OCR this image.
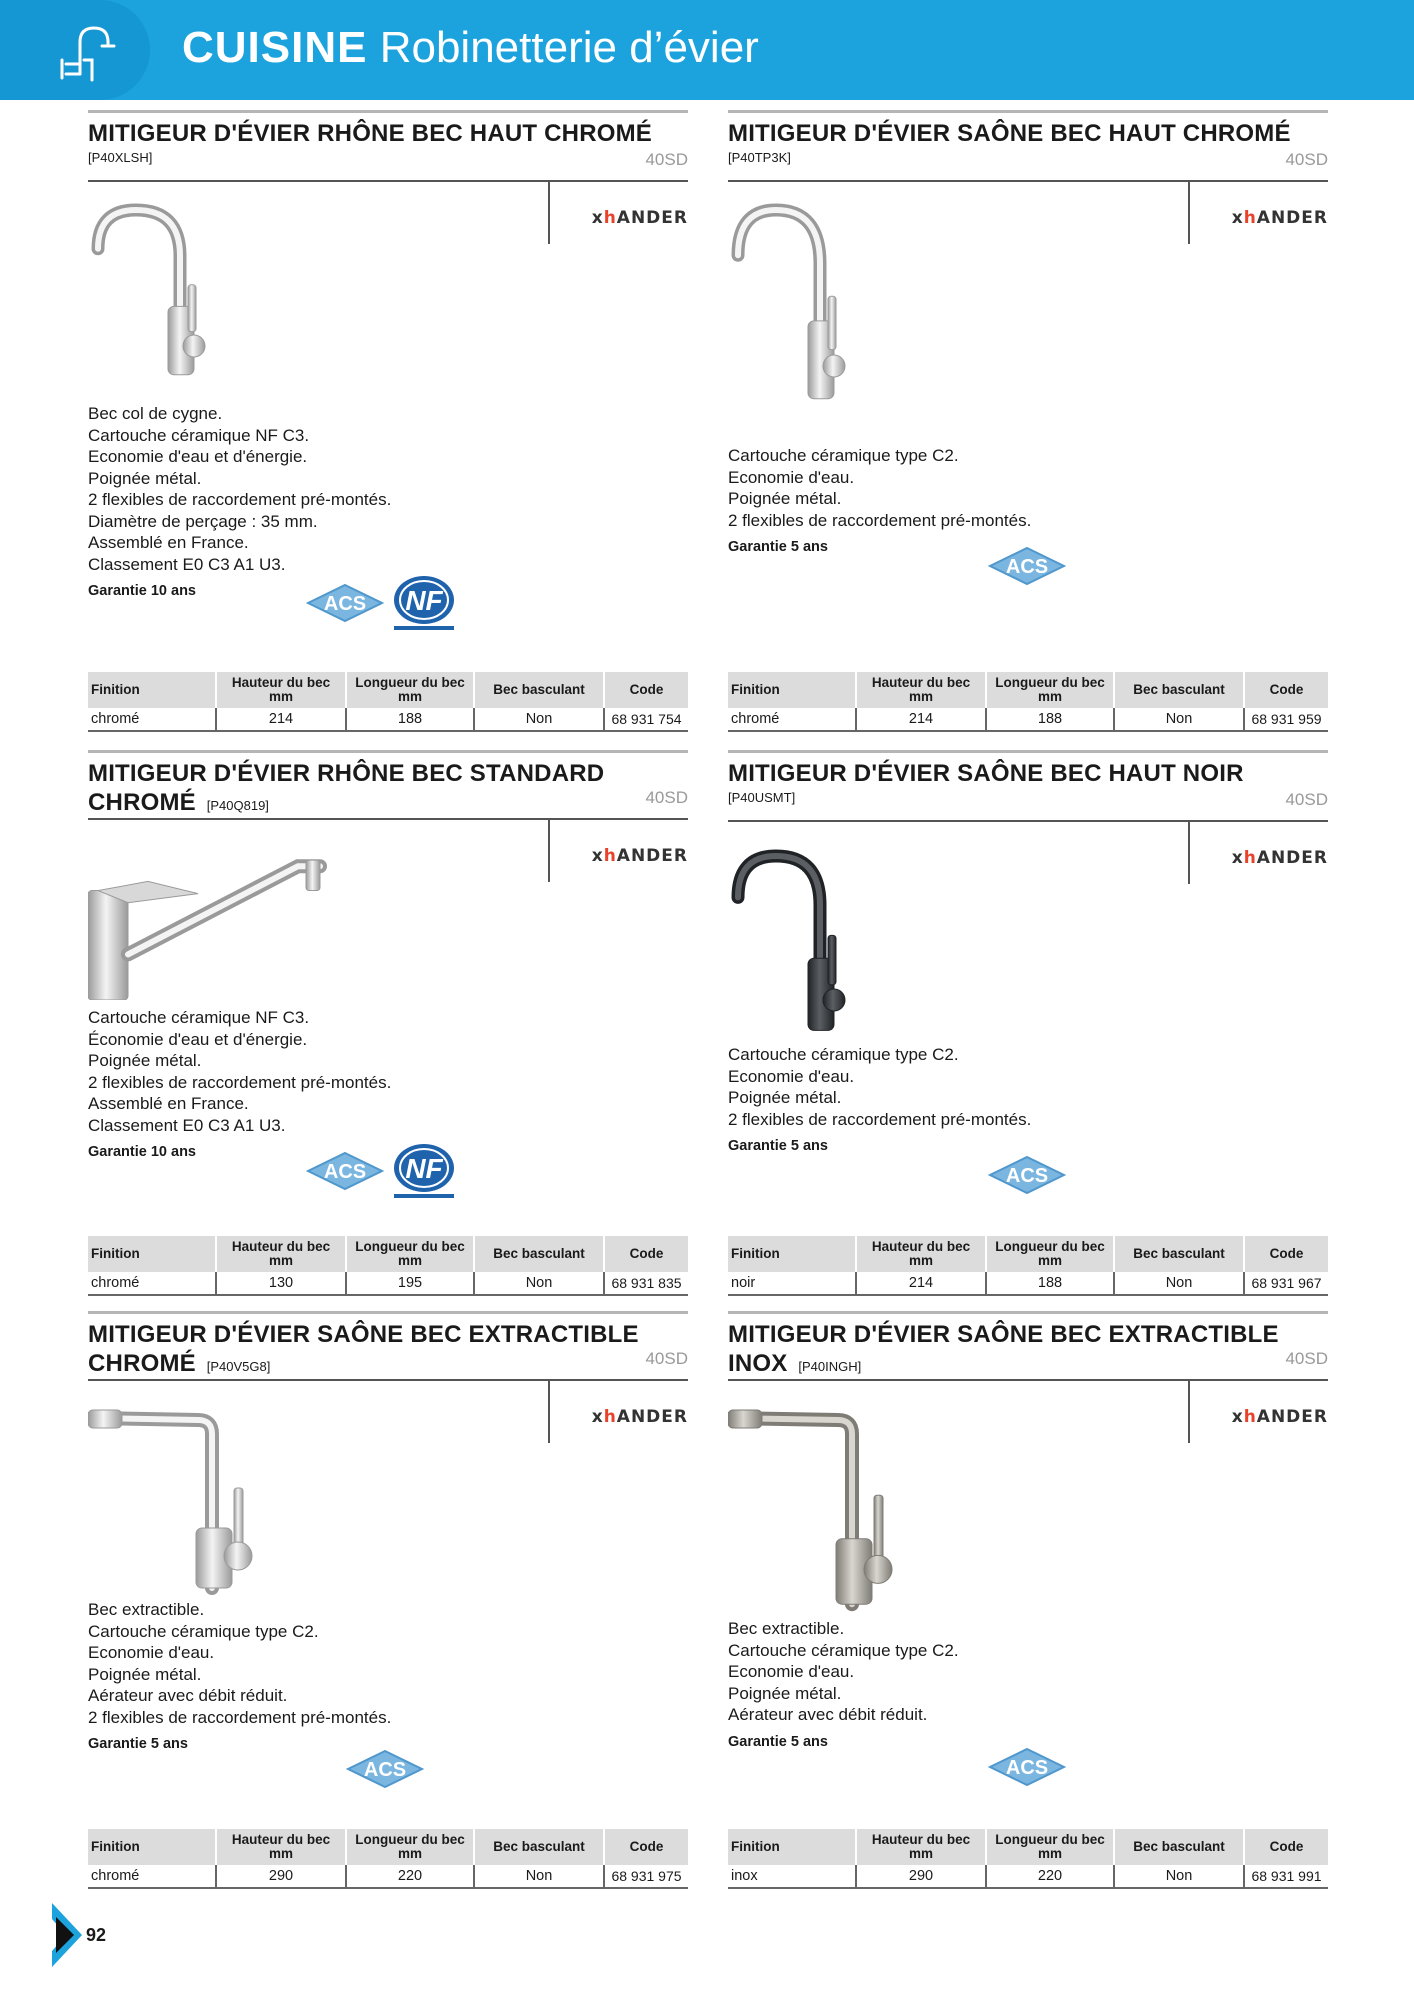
CUISINE Robinetterie d’évier
MITIGEUR D'ÉVIER RHÔNE BEC HAUT CHROMÉ
[P40XLSH]	40SD
xhANDER
Bec col de cygne.
Cartouche céramique NF C3.
Economie d'eau et d'énergie.
Poignée métal.
2 flexibles de raccordement pré-montés.
Diamètre de perçage : 35 mm.
Assemblé en France.
Classement E0 C3 A1 U3.
Garantie 10 ans
ACS NF
Finition	Hauteur du bec mm	Longueur du bec mm	Bec basculant	Code
chromé	214	188	Non	68 931 754
MITIGEUR D'ÉVIER SAÔNE BEC HAUT CHROMÉ
[P40TP3K]	40SD
xhANDER
Cartouche céramique type C2.
Economie d'eau.
Poignée métal.
2 flexibles de raccordement pré-montés.
Garantie 5 ans
ACS
Finition	Hauteur du bec mm	Longueur du bec mm	Bec basculant	Code
chromé	214	188	Non	68 931 959
MITIGEUR D'ÉVIER RHÔNE BEC STANDARD CHROMÉ [P40Q819]	40SD
xhANDER
Cartouche céramique NF C3.
Économie d'eau et d'énergie.
Poignée métal.
2 flexibles de raccordement pré-montés.
Assemblé en France.
Classement E0 C3 A1 U3.
Garantie 10 ans
ACS NF
Finition	Hauteur du bec mm	Longueur du bec mm	Bec basculant	Code
chromé	130	195	Non	68 931 835
MITIGEUR D'ÉVIER SAÔNE BEC HAUT NOIR
[P40USMT]	40SD
xhANDER
Cartouche céramique type C2.
Economie d'eau.
Poignée métal.
2 flexibles de raccordement pré-montés.
Garantie 5 ans
ACS
Finition	Hauteur du bec mm	Longueur du bec mm	Bec basculant	Code
noir	214	188	Non	68 931 967
MITIGEUR D'ÉVIER SAÔNE BEC EXTRACTIBLE CHROMÉ [P40V5G8]	40SD
xhANDER
Bec extractible.
Cartouche céramique type C2.
Economie d'eau.
Poignée métal.
Aérateur avec débit réduit.
2 flexibles de raccordement pré-montés.
Garantie 5 ans
ACS
Finition	Hauteur du bec mm	Longueur du bec mm	Bec basculant	Code
chromé	290	220	Non	68 931 975
MITIGEUR D'ÉVIER SAÔNE BEC EXTRACTIBLE INOX [P40INGH]	40SD
xhANDER
Bec extractible.
Cartouche céramique type C2.
Economie d'eau.
Poignée métal.
Aérateur avec débit réduit.
Garantie 5 ans
ACS
Finition	Hauteur du bec mm	Longueur du bec mm	Bec basculant	Code
inox	290	220	Non	68 931 991
92
